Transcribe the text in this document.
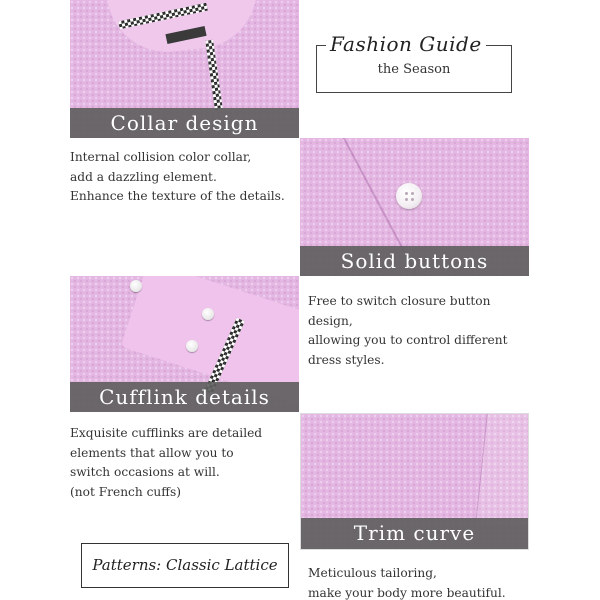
Collar design
Fashion Guide
the Season
Internal collision color collar,
add a dazzling element.
Enhance the texture of the details.
Solid buttons
Cufflink details
Free to switch closure button
design,
allowing you to control different
dress styles.
Exquisite cufflinks are detailed
elements that allow you to
switch occasions at will.
(not French cuffs)
Trim curve
Patterns: Classic Lattice	Meticulous tailoring,
make your body more beautiful.
